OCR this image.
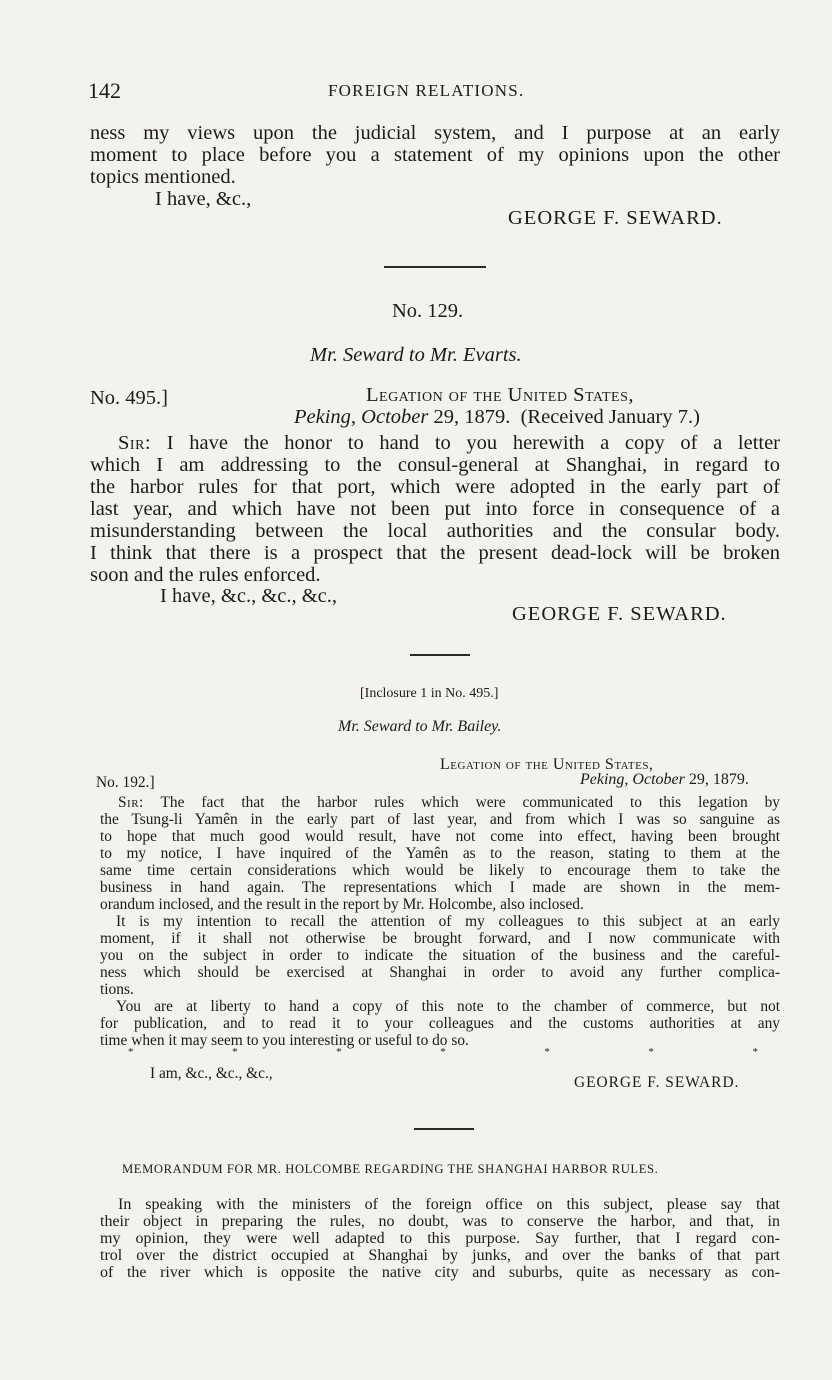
142	FOREIGN RELATIONS.
ness my views upon the judicial system, and I purpose at an early
moment to place before you a statement of my opinions upon the other
topics mentioned.
I have, &c.,
GEORGE F. SEWARD.
No. 129.
Mr. Seward to Mr. Evarts.
No. 495.]	Legation of the United States,
Peking, October 29, 1879. (Received January 7.)
Sir: I have the honor to hand to you herewith a copy of a letter
which I am addressing to the consul-general at Shanghai, in regard to
the harbor rules for that port, which were adopted in the early part of
last year, and which have not been put into force in consequence of a
misunderstanding between the local authorities and the consular body.
I think that there is a prospect that the present dead-lock will be broken
soon and the rules enforced.
I have, &c., &c., &c.,
GEORGE F. SEWARD.
[Inclosure 1 in No. 495.]
Mr. Seward to Mr. Bailey.
Legation of the United States,
No. 192.]	Peking, October 29, 1879.
Sir: The fact that the harbor rules which were communicated to this legation by
the Tsung-li Yamên in the early part of last year, and from which I was so sanguine as
to hope that much good would result, have not come into effect, having been brought
to my notice, I have inquired of the Yamên as to the reason, stating to them at the
same time certain considerations which would be likely to encourage them to take the
business in hand again. The representations which I made are shown in the mem-
orandum inclosed, and the result in the report by Mr. Holcombe, also inclosed.
It is my intention to recall the attention of my colleagues to this subject at an early
moment, if it shall not otherwise be brought forward, and I now communicate with
you on the subject in order to indicate the situation of the business and the careful-
ness which should be exercised at Shanghai in order to avoid any further complica-
tions.
You are at liberty to hand a copy of this note to the chamber of commerce, but not
for publication, and to read it to your colleagues and the customs authorities at any
time when it may seem to you interesting or useful to do so.
* * * * * * *
I am, &c., &c., &c.,
GEORGE F. SEWARD.
MEMORANDUM FOR MR. HOLCOMBE REGARDING THE SHANGHAI HARBOR RULES.
In speaking with the ministers of the foreign office on this subject, please say that
their object in preparing the rules, no doubt, was to conserve the harbor, and that, in
my opinion, they were well adapted to this purpose. Say further, that I regard con-
trol over the district occupied at Shanghai by junks, and over the banks of that part
of the river which is opposite the native city and suburbs, quite as necessary as con-
